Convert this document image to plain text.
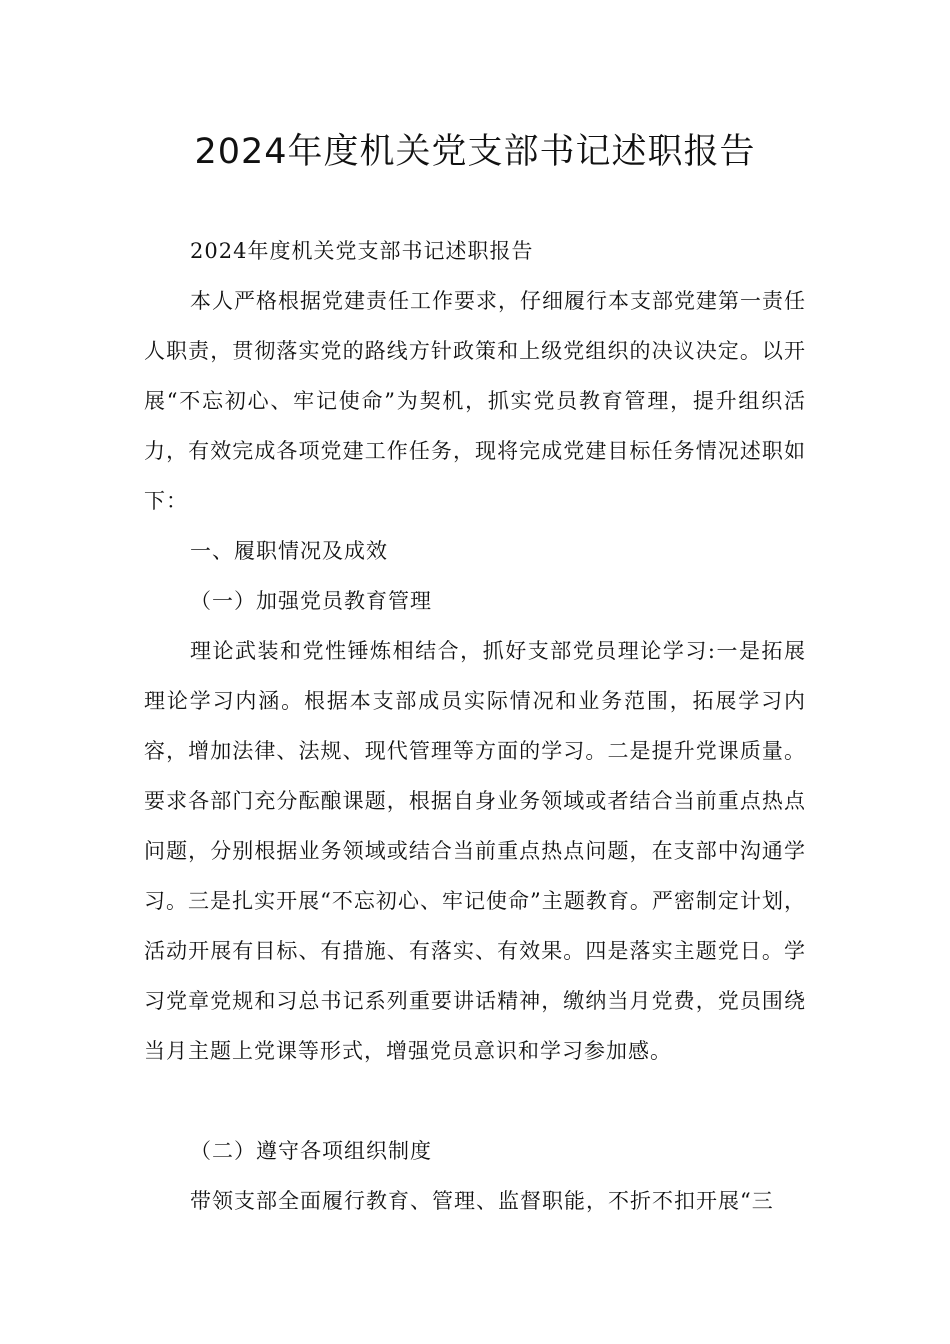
2024年度机关党支部书记述职报告

2024年度机关党支部书记述职报告

本人严格根据党建责任工作要求，仔细履行本支部党建第一责任人职责，贯彻落实党的路线方针政策和上级党组织的决议决定。以开展“不忘初心、牢记使命”为契机，抓实党员教育管理，提升组织活力，有效完成各项党建工作任务，现将完成党建目标任务情况述职如下：

一、履职情况及成效

（一）加强党员教育管理

理论武装和党性锤炼相结合，抓好支部党员理论学习:一是拓展理论学习内涵。根据本支部成员实际情况和业务范围，拓展学习内容，增加法律、法规、现代管理等方面的学习。二是提升党课质量。要求各部门充分酝酿课题，根据自身业务领域或者结合当前重点热点问题，分别根据业务领域或结合当前重点热点问题，在支部中沟通学习。三是扎实开展“不忘初心、牢记使命”主题教育。严密制定计划，活动开展有目标、有措施、有落实、有效果。四是落实主题党日。学习党章党规和习总书记系列重要讲话精神，缴纳当月党费，党员围绕当月主题上党课等形式，增强党员意识和学习参加感。

（二）遵守各项组织制度

带领支部全面履行教育、管理、监督职能，不折不扣开展“三
